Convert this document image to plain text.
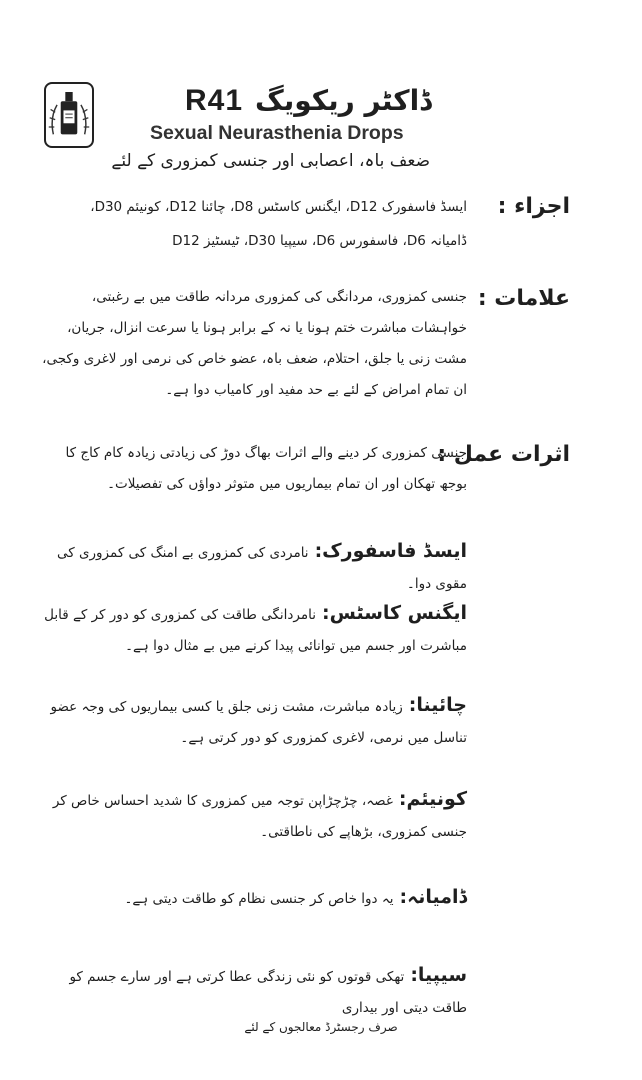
R41 ڈاکٹر ریکویگ
Sexual Neurasthenia Drops
ضعف باہ، اعصابی اور جنسی کمزوری کے لئے
اجزاء :
ایسڈ فاسفورک D12، ایگنس کاسٹس D8، چائنا D12، کونیئم D30،
ڈامیانہ D6، فاسفورس D6، سیپیا D30، ٹیسٹیز D12
علامات :
جنسی کمزوری، مردانگی کی کمزوری مردانہ طاقت میں بے رغبتی، خواہشات مباشرت ختم ہونا یا نہ کے برابر ہونا یا سرعت انزال، جریان، مشت زنی یا جلق، احتلام، ضعف باہ، عضو خاص کی نرمی اور لاغری وکجی، ان تمام امراض کے لئے بے حد مفید اور کامیاب دوا ہے۔
اثرات عمل :
جنسی کمزوری کر دینے والے اثرات بھاگ دوڑ کی زیادتی زیادہ کام کاج کا بوجھ تھکان اور ان تمام بیماریوں میں متوثر دواؤں کی تفصیلات۔
ایسڈ فاسفورک:نامردی کی کمزوری بے امنگ کی کمزوری کی مقوی دوا۔
ایگنس کاسٹس:نامردانگی طاقت کی کمزوری کو دور کر کے قابل مباشرت اور جسم میں توانائی پیدا کرنے میں بے مثال دوا ہے۔
چائینا:زیادہ مباشرت، مشت زنی جلق یا کسی بیماریوں کی وجہ عضو تناسل میں نرمی، لاغری کمزوری کو دور کرتی ہے۔
کونیئم:غصہ، چڑچڑاپن توجہ میں کمزوری کا شدید احساس خاص کر جنسی کمزوری، بڑھاپے کی ناطاقتی۔
ڈامیانہ:یہ دوا خاص کر جنسی نظام کو طاقت دیتی ہے۔
سیپیا:تھکی قوتوں کو نئی زندگی عطا کرتی ہے اور سارے جسم کو طاقت دیتی اور بیداری
صرف رجسٹرڈ معالجوں کے لئے
